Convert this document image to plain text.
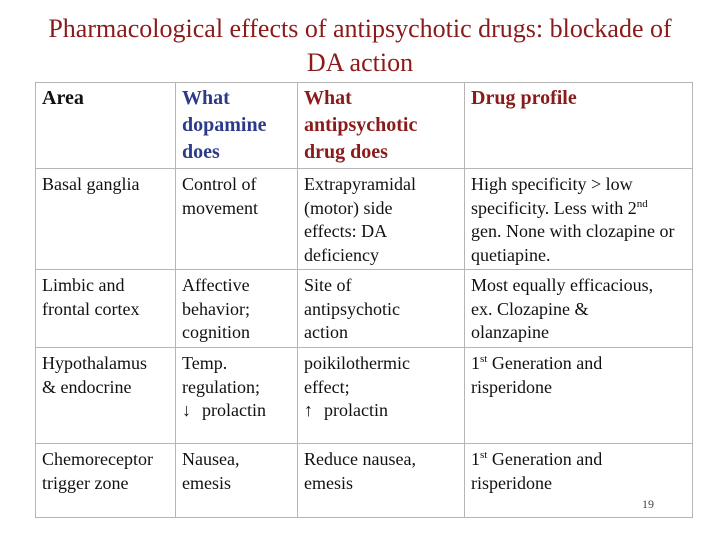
Pharmacological effects of antipsychotic drugs: blockade of
DA action
Area	What
dopamine
does	What
antipsychotic
drug does	Drug profile

Basal ganglia	Control of
movement	Extrapyramidal
(motor) side
effects: DA
deficiency	High specificity > low
specificity. Less with 2nd
gen. None with clozapine or
quetiapine.

Limbic and
frontal cortex	Affective
behavior;
cognition	Site of
antipsychotic
action	Most equally efficacious,
ex. Clozapine &
olanzapine

Hypothalamus
& endocrine	Temp.
regulation;
↓ prolactin	poikilothermic
effect;
↑ prolactin	1st Generation and
risperidone

Chemoreceptor
trigger zone	Nausea,
emesis	Reduce nausea,
emesis	1st Generation and
risperidone
19
